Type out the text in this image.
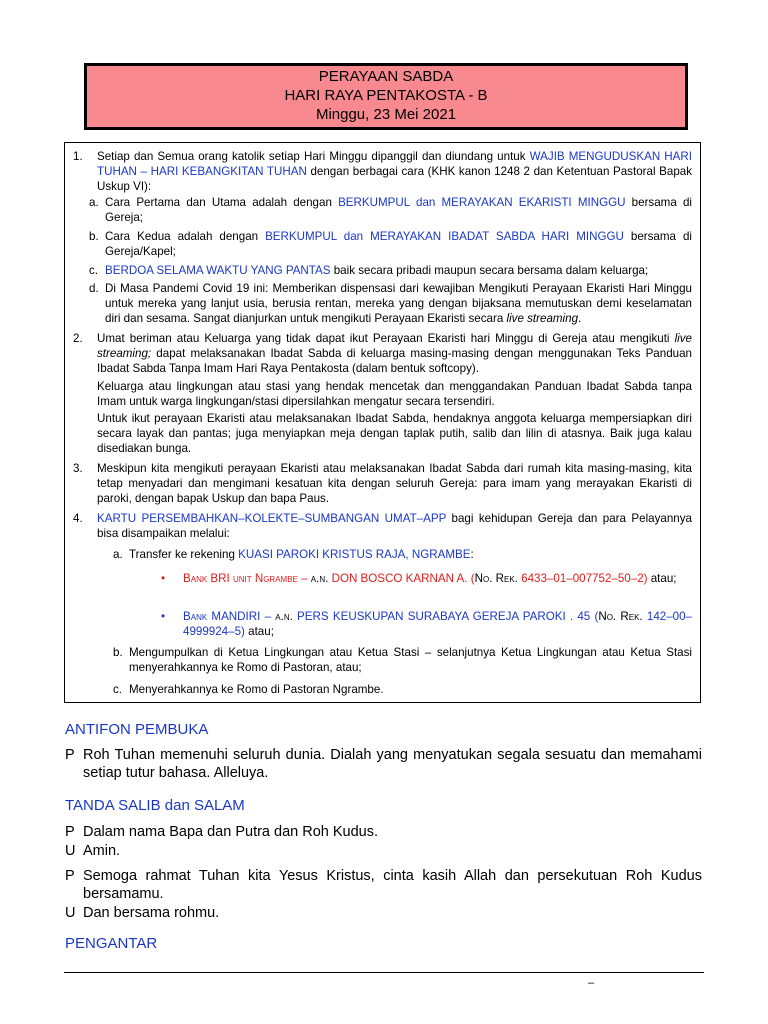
PERAYAAN SABDA
HARI RAYA PENTAKOSTA - B
Minggu, 23 Mei 2021
1.	Setiap dan Semua orang katolik setiap Hari Minggu dipanggil dan diundang untuk WAJIB MENGUDUSKAN HARI TUHAN – HARI KEBANGKITAN TUHAN dengan berbagai cara (KHK kanon 1248 2 dan Ketentuan Pastoral Bapak Uskup VI):
a. Cara Pertama dan Utama adalah dengan BERKUMPUL dan MERAYAKAN EKARISTI MINGGU bersama di Gereja;
b. Cara Kedua adalah dengan BERKUMPUL dan MERAYAKAN IBADAT SABDA HARI MINGGU bersama di Gereja/Kapel;
c. BERDOA SELAMA WAKTU YANG PANTAS baik secara pribadi maupun secara bersama dalam keluarga;
d. Di Masa Pandemi Covid 19 ini: Memberikan dispensasi dari kewajiban Mengikuti Perayaan Ekaristi Hari Minggu untuk mereka yang lanjut usia, berusia rentan, mereka yang dengan bijaksana memutuskan demi keselamatan diri dan sesama. Sangat dianjurkan untuk mengikuti Perayaan Ekaristi secara live streaming.
2.	Umat beriman atau Keluarga yang tidak dapat ikut Perayaan Ekaristi hari Minggu di Gereja atau mengikuti live streaming; dapat melaksanakan Ibadat Sabda di keluarga masing-masing dengan menggunakan Teks Panduan Ibadat Sabda Tanpa Imam Hari Raya Pentakosta (dalam bentuk softcopy).
Keluarga atau lingkungan atau stasi yang hendak mencetak dan menggandakan Panduan Ibadat Sabda tanpa Imam untuk warga lingkungan/stasi dipersilahkan mengatur secara tersendiri.
Untuk ikut perayaan Ekaristi atau melaksanakan Ibadat Sabda, hendaknya anggota keluarga mempersiapkan diri secara layak dan pantas; juga menyiapkan meja dengan taplak putih, salib dan lilin di atasnya. Baik juga kalau disediakan bunga.
3.	Meskipun kita mengikuti perayaan Ekaristi atau melaksanakan Ibadat Sabda dari rumah kita masing-masing, kita tetap menyadari dan mengimani kesatuan kita dengan seluruh Gereja: para imam yang merayakan Ekaristi di paroki, dengan bapak Uskup dan bapa Paus.
4.	KARTU PERSEMBAHKAN–KOLEKTE–SUMBANGAN UMAT–APP bagi kehidupan Gereja dan para Pelayannya bisa disampaikan melalui:
a. Transfer ke rekening KUASI PAROKI KRISTUS RAJA, NGRAMBE:
• Bank BRI unit Ngrambe – a.n. DON BOSCO KARNAN A. (No. Rek. 6433–01–007752–50–2) atau;
• Bank MANDIRI – a.n. PERS KEUSKUPAN SURABAYA GEREJA PAROKI . 45 (No. Rek. 142–00–4999924–5) atau;
b. Mengumpulkan di Ketua Lingkungan atau Ketua Stasi – selanjutnya Ketua Lingkungan atau Ketua Stasi menyerahkannya ke Romo di Pastoran, atau;
c. Menyerahkannya ke Romo di Pastoran Ngrambe.
ANTIFON PEMBUKA
P Roh Tuhan memenuhi seluruh dunia. Dialah yang menyatukan segala sesuatu dan memahami setiap tutur bahasa. Alleluya.
TANDA SALIB dan SALAM
P Dalam nama Bapa dan Putra dan Roh Kudus.
U Amin.
P Semoga rahmat Tuhan kita Yesus Kristus, cinta kasih Allah dan persekutuan Roh Kudus bersamamu.
U Dan bersama rohmu.
PENGANTAR
–
